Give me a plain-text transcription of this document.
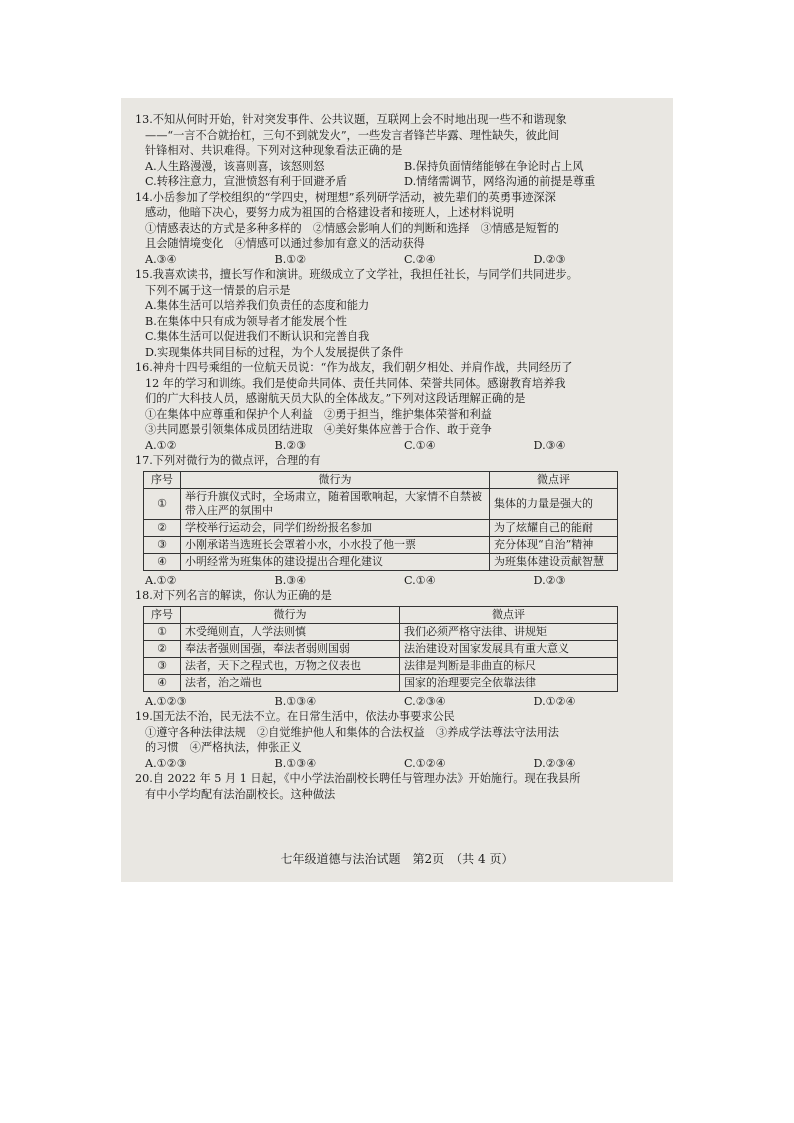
13.不知从何时开始，针对突发事件、公共议题，互联网上会不时地出现一些不和谐现象
——“一言不合就抬杠，三句不到就发火”，一些发言者锋芒毕露、理性缺失，彼此间
针锋相对、共识难得。下列对这种现象看法正确的是
A.人生路漫漫，该喜则喜，该怒则怒	B.保持负面情绪能够在争论时占上风
C.转移注意力，宣泄愤怒有利于回避矛盾	D.情绪需调节，网络沟通的前提是尊重
14.小岳参加了学校组织的“学四史，树理想”系列研学活动，被先辈们的英勇事迹深深
感动，他暗下决心，要努力成为祖国的合格建设者和接班人，上述材料说明
①情感表达的方式是多种多样的　②情感会影响人们的判断和选择　③情感是短暂的
且会随情境变化　④情感可以通过参加有意义的活动获得
A.③④	B.①②	C.②④	D.②③
15.我喜欢读书，擅长写作和演讲。班级成立了文学社，我担任社长，与同学们共同进步。
下列不属于这一情景的启示是
A.集体生活可以培养我们负责任的态度和能力
B.在集体中只有成为领导者才能发展个性
C.集体生活可以促进我们不断认识和完善自我
D.实现集体共同目标的过程，为个人发展提供了条件
16.神舟十四号乘组的一位航天员说：“作为战友，我们朝夕相处、并肩作战，共同经历了
12 年的学习和训练。我们是使命共同体、责任共同体、荣誉共同体。感谢教育培养我
们的广大科技人员，感谢航天员大队的全体战友。”下列对这段话理解正确的是
①在集体中应尊重和保护个人利益　②勇于担当，维护集体荣誉和利益
③共同愿景引领集体成员团结进取　④美好集体应善于合作、敢于竞争
A.①②	B.②③	C.①④	D.③④
17.下列对微行为的微点评，合理的有
序号	微行为	微点评
①	举行升旗仪式时，全场肃立，随着国歌响起，大家情不自禁被带入庄严的氛围中	集体的力量是强大的
②	学校举行运动会，同学们纷纷报名参加	为了炫耀自己的能耐
③	小刚承诺当选班长会罩着小水，小水投了他一票	充分体现“自治”精神
④	小明经常为班集体的建设提出合理化建议	为班集体建设贡献智慧
A.①②	B.③④	C.①④	D.②③
18.对下列名言的解读，你认为正确的是
序号	微行为	微点评
①	木受绳则直，人学法则慎	我们必须严格守法律、讲规矩
②	奉法者强则国强，奉法者弱则国弱	法治建设对国家发展具有重大意义
③	法者，天下之程式也，万物之仪表也	法律是判断是非曲直的标尺
④	法者，治之端也	国家的治理要完全依靠法律
A.①②③	B.①③④	C.②③④	D.①②④
19.国无法不治，民无法不立。在日常生活中，依法办事要求公民
①遵守各种法律法规　②自觉维护他人和集体的合法权益　③养成学法尊法守法用法
的习惯　④严格执法，伸张正义
A.①②③	B.①③④	C.①②④	D.②③④
20.自 2022 年 5 月 1 日起，《中小学法治副校长聘任与管理办法》开始施行。现在我县所
有中小学均配有法治副校长。这种做法
七年级道德与法治试题　第2页　（共 4 页）
